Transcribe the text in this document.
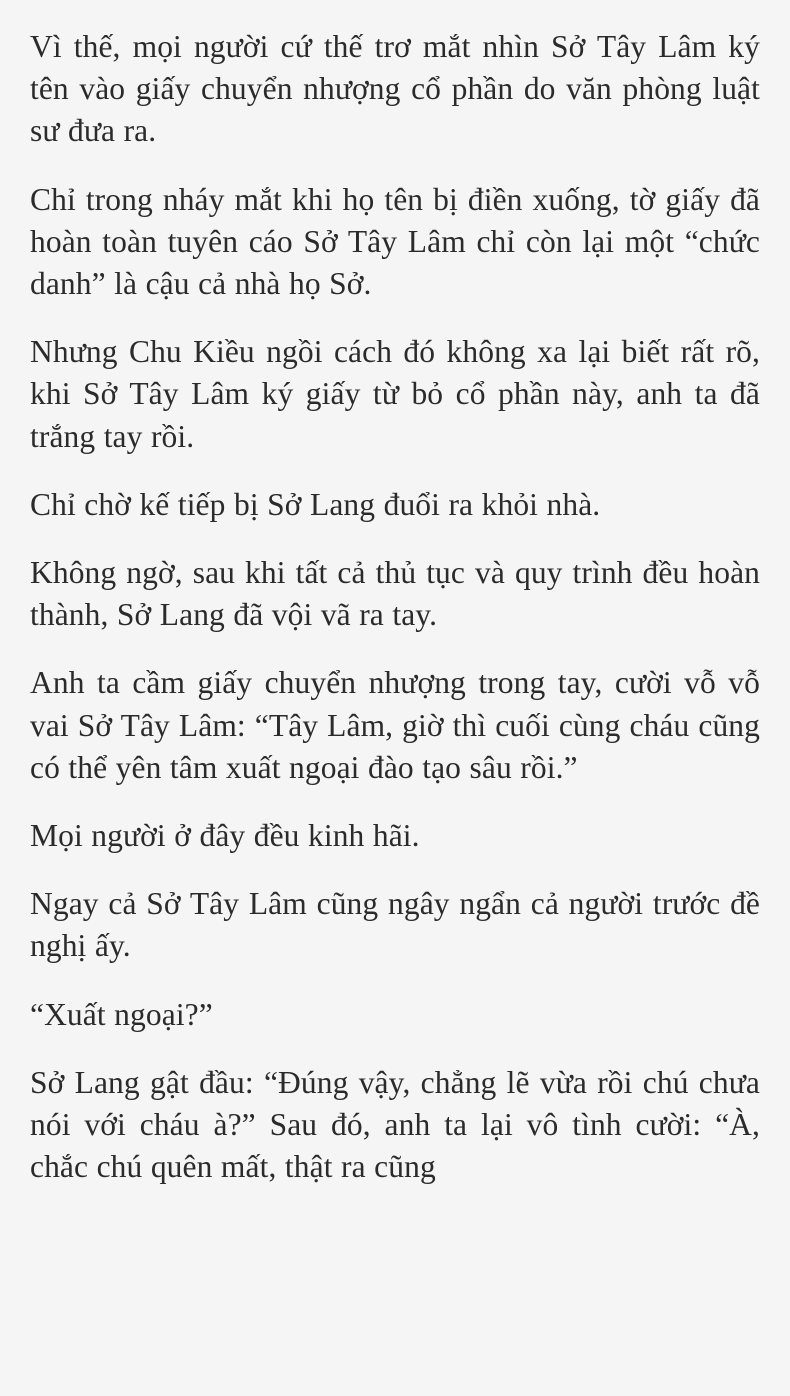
Vì thế, mọi người cứ thế trơ mắt nhìn Sở Tây Lâm ký tên vào giấy chuyển nhượng cổ phần do văn phòng luật sư đưa ra.

Chỉ trong nháy mắt khi họ tên bị điền xuống, tờ giấy đã hoàn toàn tuyên cáo Sở Tây Lâm chỉ còn lại một “chức danh” là cậu cả nhà họ Sở.

Nhưng Chu Kiều ngồi cách đó không xa lại biết rất rõ, khi Sở Tây Lâm ký giấy từ bỏ cổ phần này, anh ta đã trắng tay rồi.

Chỉ chờ kế tiếp bị Sở Lang đuổi ra khỏi nhà.

Không ngờ, sau khi tất cả thủ tục và quy trình đều hoàn thành, Sở Lang đã vội vã ra tay.

Anh ta cầm giấy chuyển nhượng trong tay, cười vỗ vỗ vai Sở Tây Lâm: “Tây Lâm, giờ thì cuối cùng cháu cũng có thể yên tâm xuất ngoại đào tạo sâu rồi.”

Mọi người ở đây đều kinh hãi.

Ngay cả Sở Tây Lâm cũng ngây ngẩn cả người trước đề nghị ấy.

“Xuất ngoại?”

Sở Lang gật đầu: “Đúng vậy, chẳng lẽ vừa rồi chú chưa nói với cháu à?” Sau đó, anh ta lại vô tình cười: “À, chắc chú quên mất, thật ra cũng
